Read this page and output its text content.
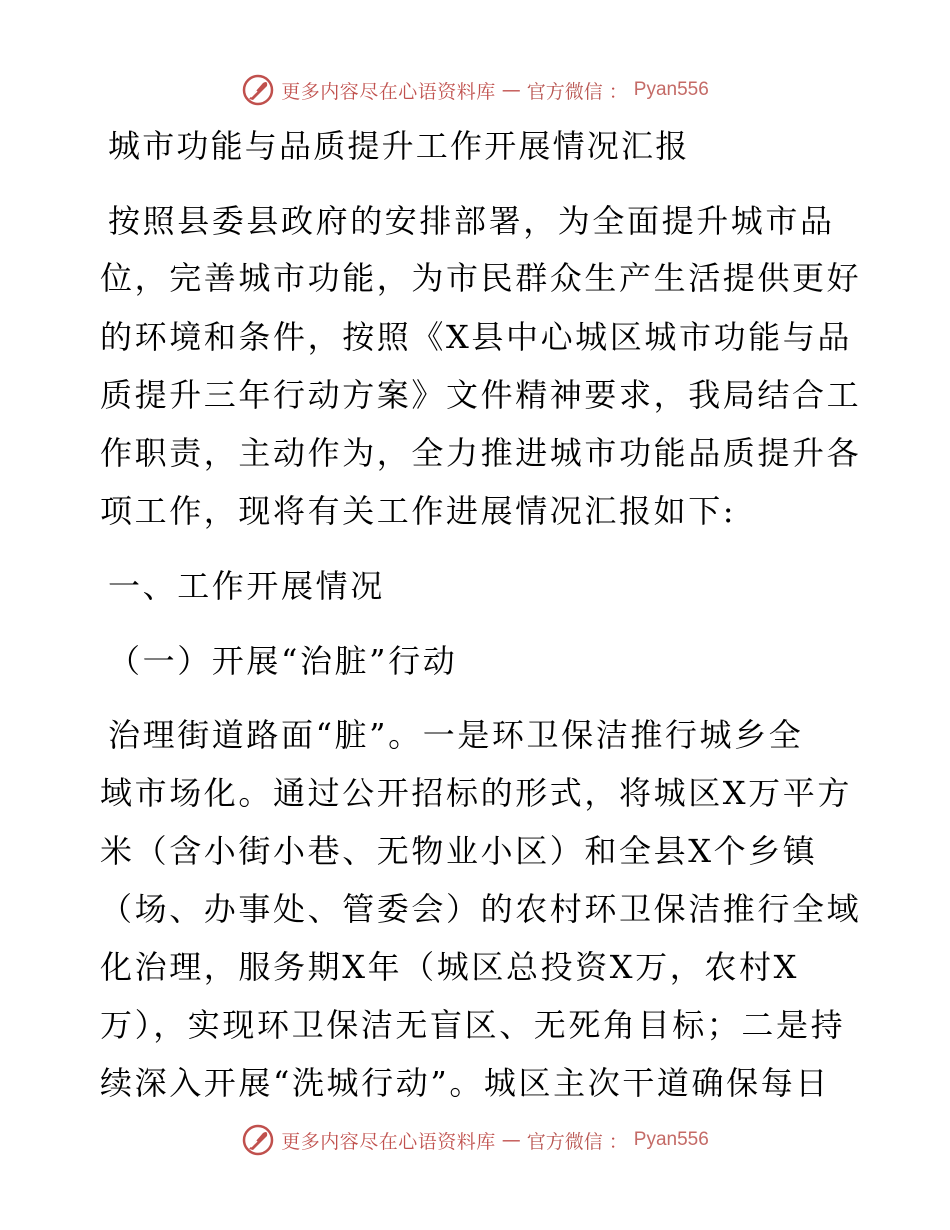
更多内容尽在心语资料库 — 官方微信 ： Pyan556
城市功能与品质提升工作开展情况汇报
按照县委县政府的安排部署，为全面提升城市品
位，完善城市功能，为市民群众生产生活提供更好
的环境和条件，按照《X县中心城区城市功能与品
质提升三年行动方案》文件精神要求，我局结合工
作职责，主动作为，全力推进城市功能品质提升各
项工作，现将有关工作进展情况汇报如下:
一、工作开展情况
（一）开展“治脏”行动
治理街道路面“脏”。一是环卫保洁推行城乡全
域市场化。通过公开招标的形式，将城区X万平方
米（含小街小巷、无物业小区）和全县X个乡镇
（场、办事处、管委会）的农村环卫保洁推行全域
化治理，服务期X年（城区总投资X万，农村X
万），实现环卫保洁无盲区、无死角目标；二是持
续深入开展“洗城行动”。城区主次干道确保每日
更多内容尽在心语资料库 — 官方微信 ： Pyan556
